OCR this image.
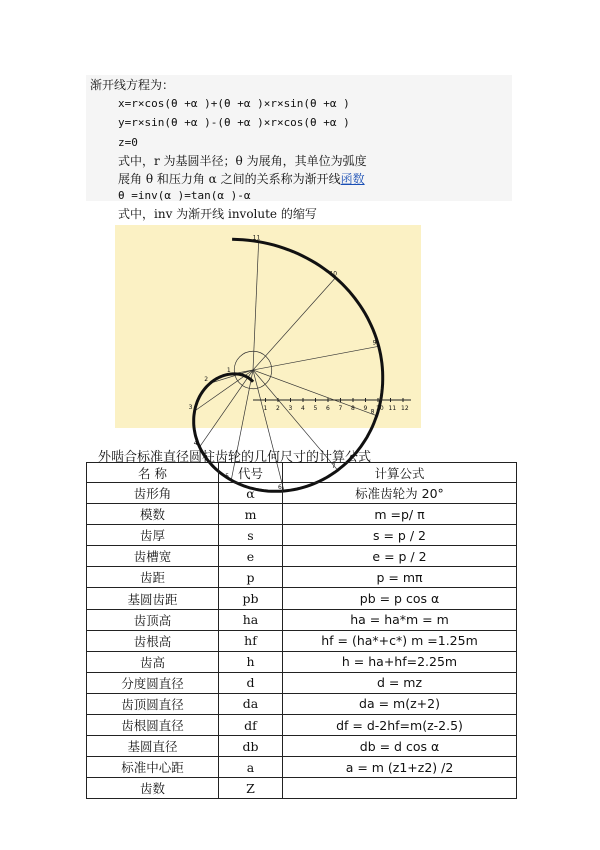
渐开线方程为：
x=r×cos(θ +α )+(θ +α )×r×sin(θ +α )
y=r×sin(θ +α )-(θ +α )×r×cos(θ +α )
z=0
式中，r 为基圆半径；θ 为展角，其单位为弧度
展角 θ 和压力角 α 之间的关系称为渐开线函数
θ =inv(α )=tan(α )-α
式中，inv 为渐开线 involute 的缩写
1 2 3 4 5 6 7 8 9 10 11 12
1
2
3
4
5
6
7
8
9
10
11
外啮合标准直径圆柱齿轮的几何尺寸的计算公式
名 称	代号	计算公式
齿形角	α	标准齿轮为 20°
模数	m	m =p/ π
齿厚	s	s = p / 2
齿槽宽	e	e = p / 2
齿距	p	p = mπ
基圆齿距	pb	pb = p cos α
齿顶高	ha	ha = ha*m = m
齿根高	hf	hf = (ha*+c*) m =1.25m
齿高	h	h = ha+hf=2.25m
分度圆直径	d	d = mz
齿顶圆直径	da	da = m(z+2)
齿根圆直径	df	df = d-2hf=m(z-2.5)
基圆直径	db	db = d cos α
标准中心距	a	a = m (z1+z2) /2
齿数	Z	
